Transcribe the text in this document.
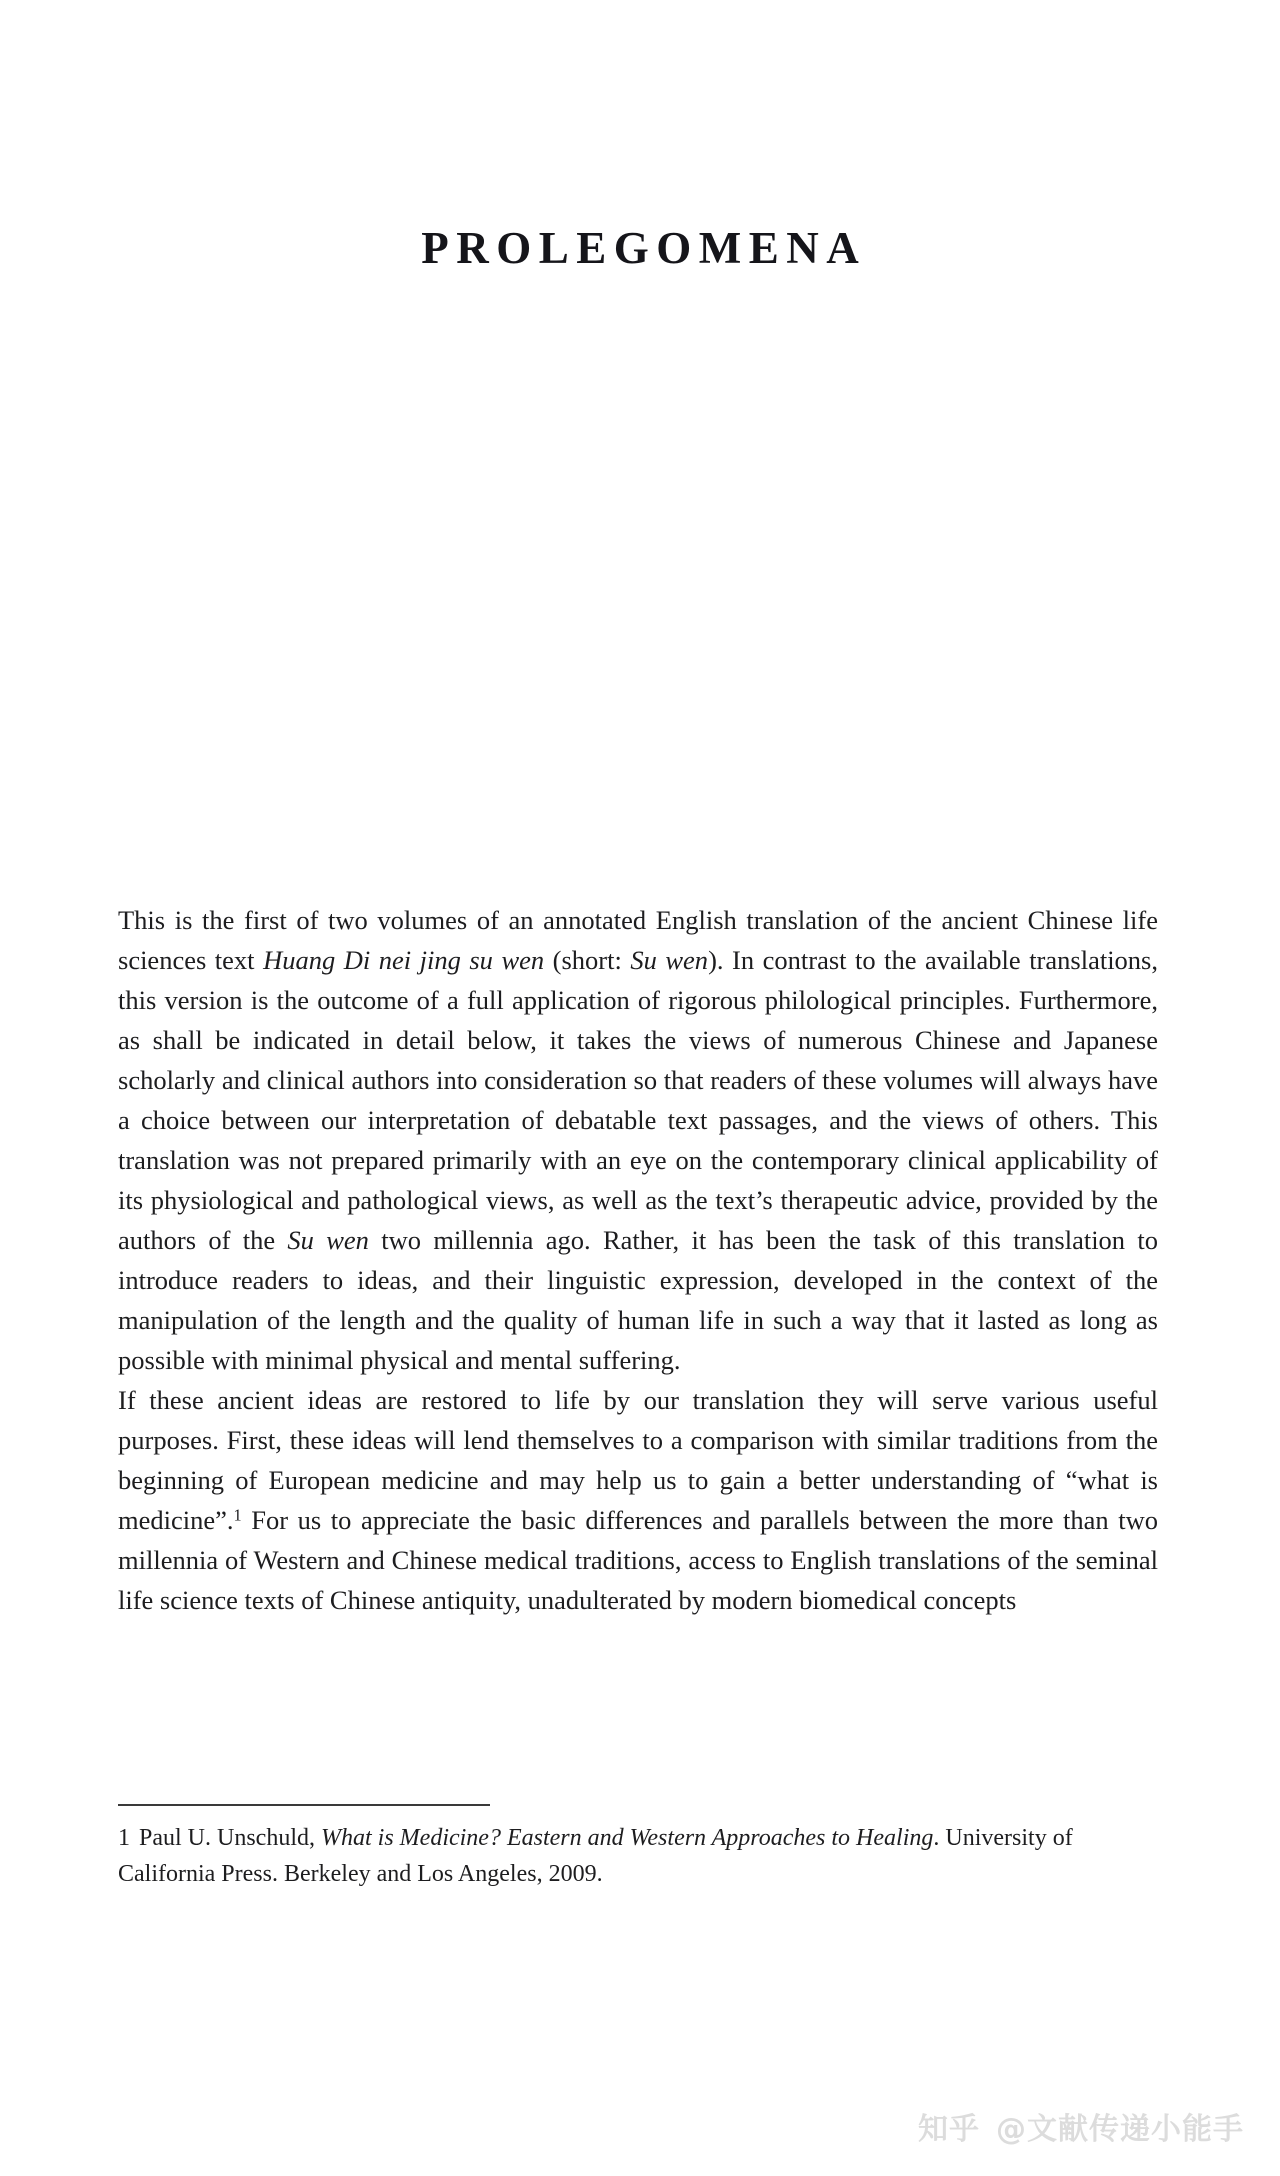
PROLEGOMENA

This is the first of two volumes of an annotated English translation of the ancient Chinese life sciences text Huang Di nei jing su wen (short: Su wen). In contrast to the available translations, this version is the outcome of a full application of rigorous philological principles. Furthermore, as shall be indicated in detail below, it takes the views of numerous Chinese and Japanese scholarly and clinical authors into consideration so that readers of these volumes will always have a choice between our interpretation of debatable text passages, and the views of others. This translation was not prepared primarily with an eye on the contemporary clinical applicability of its physiological and pathological views, as well as the text’s therapeutic advice, provided by the authors of the Su wen two millennia ago. Rather, it has been the task of this translation to introduce readers to ideas, and their linguistic expression, developed in the context of the manipulation of the length and the quality of human life in such a way that it lasted as long as possible with minimal physical and mental suffering.

If these ancient ideas are restored to life by our translation they will serve various useful purposes. First, these ideas will lend themselves to a comparison with similar traditions from the beginning of European medicine and may help us to gain a better understanding of “what is medicine”.$^1$ For us to appreciate the basic differences and parallels between the more than two millennia of Western and Chinese medical traditions, access to English translations of the seminal life science texts of Chinese antiquity, unadulterated by modern biomedical concepts

1 Paul U. Unschuld, What is Medicine? Eastern and Western Approaches to Healing. University of California Press. Berkeley and Los Angeles, 2009.
知乎 @文献传递小能手
